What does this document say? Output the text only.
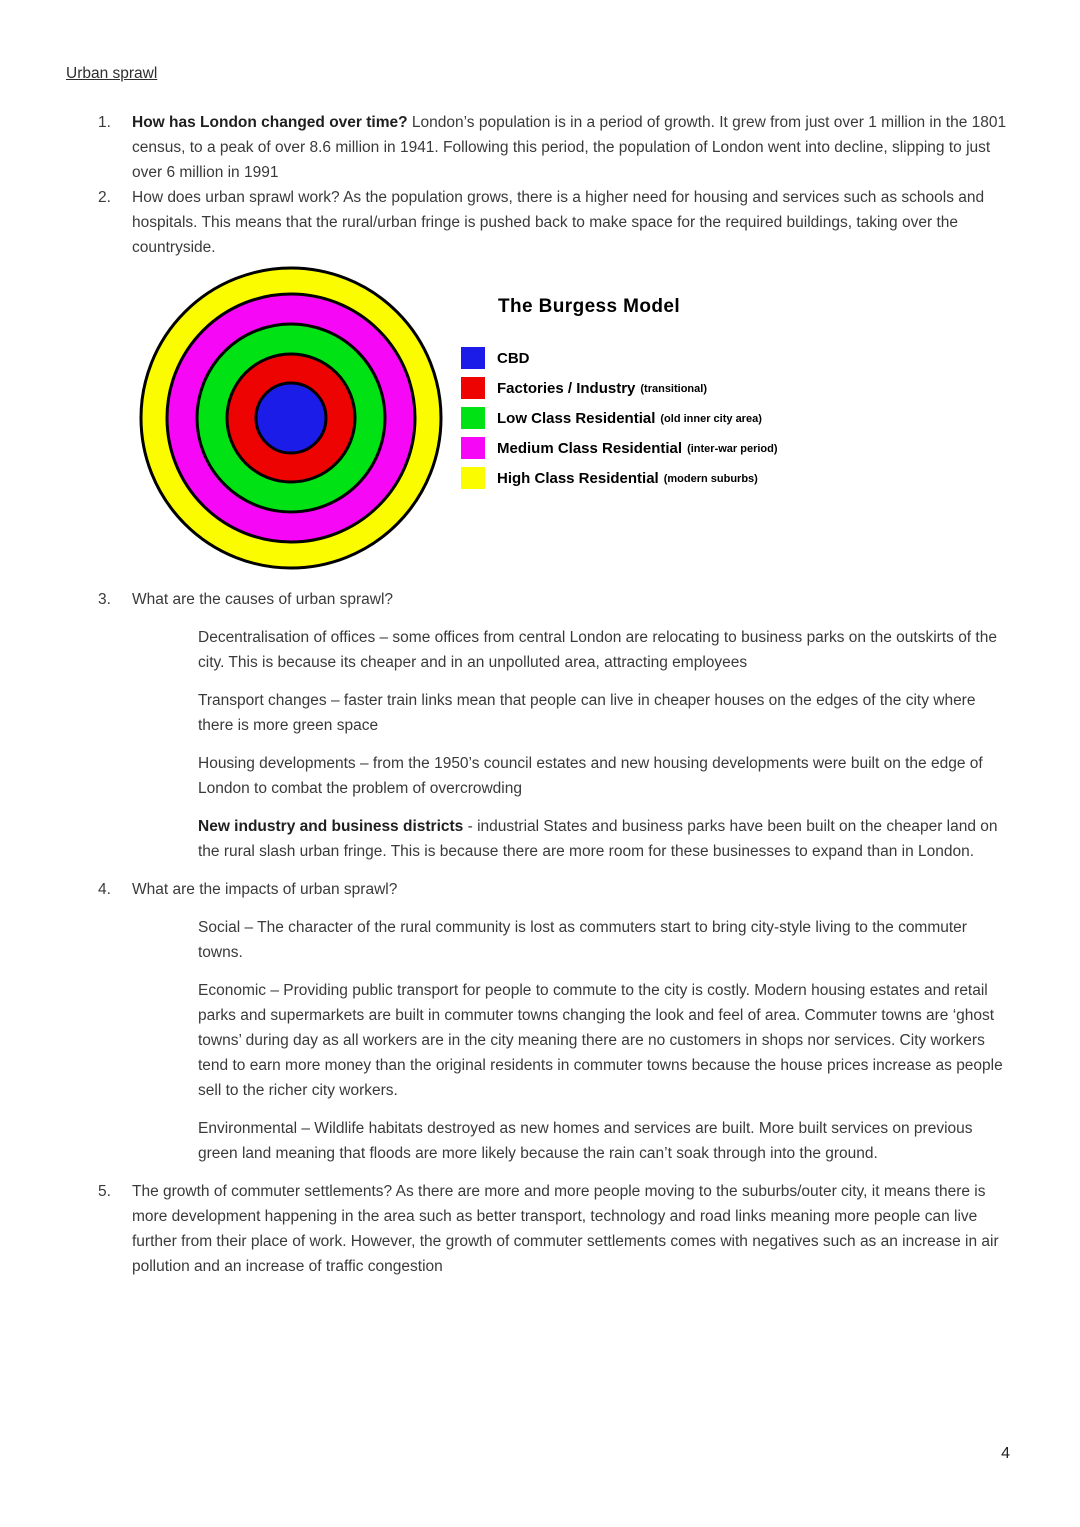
Urban sprawl
1.	How has London changed over time? London’s population is in a period of growth. It grew from just over 1 million in the 1801 census, to a peak of over 8.6 million in 1941. Following this period, the population of London went into decline, slipping to just over 6 million in 1991
2.	How does urban sprawl work? As the population grows, there is a higher need for housing and services such as schools and hospitals. This means that the rural/urban fringe is pushed back to make space for the required buildings, taking over the countryside.
The Burgess Model
CBD
Factories / Industry (transitional)
Low Class Residential (old inner city area)
Medium Class Residential (inter-war period)
High Class Residential (modern suburbs)
3.	What are the causes of urban sprawl?
Decentralisation of offices – some offices from central London are relocating to business parks on the outskirts of the city. This is because its cheaper and in an unpolluted area, attracting employees
Transport changes – faster train links mean that people can live in cheaper houses on the edges of the city where there is more green space
Housing developments – from the 1950’s council estates and new housing developments were built on the edge of London to combat the problem of overcrowding
New industry and business districts - industrial States and business parks have been built on the cheaper land on the rural slash urban fringe. This is because there are more room for these businesses to expand than in London.
4.	What are the impacts of urban sprawl?
Social – The character of the rural community is lost as commuters start to bring city-style living to the commuter towns.
Economic – Providing public transport for people to commute to the city is costly. Modern housing estates and retail parks and supermarkets are built in commuter towns changing the look and feel of area. Commuter towns are ‘ghost towns’ during day as all workers are in the city meaning there are no customers in shops nor services. City workers tend to earn more money than the original residents in commuter towns because the house prices increase as people sell to the richer city workers.
Environmental – Wildlife habitats destroyed as new homes and services are built. More built services on previous green land meaning that floods are more likely because the rain can’t soak through into the ground.
5.	The growth of commuter settlements? As there are more and more people moving to the suburbs/outer city, it means there is more development happening in the area such as better transport, technology and road links meaning more people can live further from their place of work. However, the growth of commuter settlements comes with negatives such as an increase in air pollution and an increase of traffic congestion
4
